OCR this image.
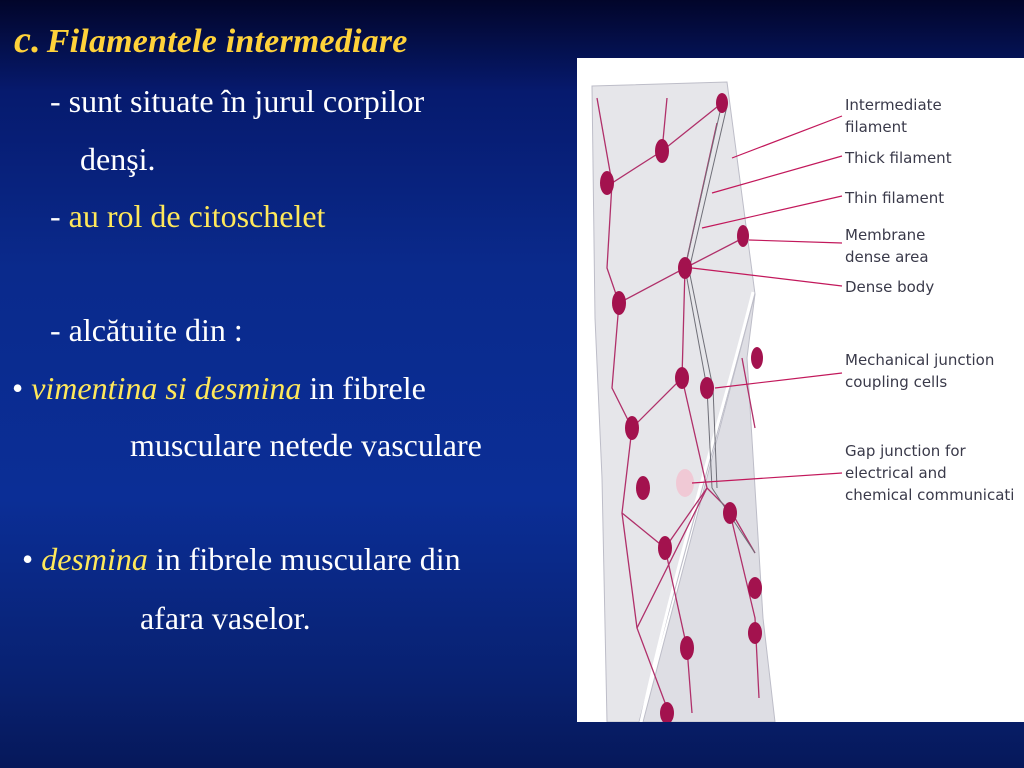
c. Filamentele intermediare
- sunt situate în jurul corpilor
denşi.
- au rol de citoschelet
- alcătuite din :
• vimentina si desmina in fibrele
musculare netede vasculare
• desmina in fibrele musculare din
afara vaselor.
Intermediate
filament
Thick filament
Thin filament
Membrane
dense area
Dense body
Mechanical junction
coupling cells
Gap junction for
electrical and
chemical communicati
